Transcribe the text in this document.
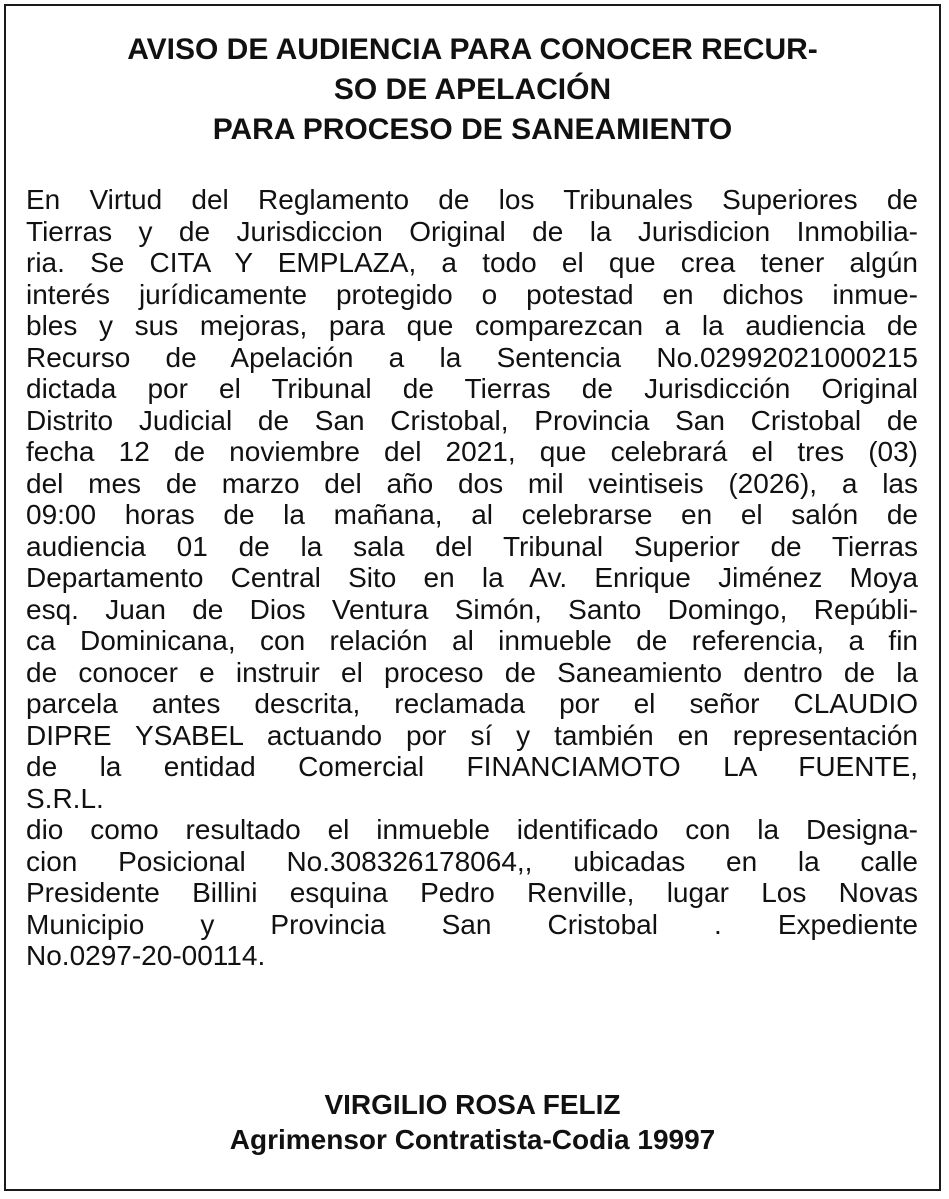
AVISO DE AUDIENCIA PARA CONOCER RECUR-
SO DE APELACIÓN
PARA PROCESO DE SANEAMIENTO
En Virtud del Reglamento de los Tribunales Superiores de
Tierras y de Jurisdiccion Original de la Jurisdicion Inmobilia-
ria. Se CITA Y EMPLAZA, a todo el que crea tener algún
interés jurídicamente protegido o potestad en dichos inmue-
bles y sus mejoras, para que comparezcan a la audiencia de
Recurso de Apelación a la Sentencia No.02992021000215
dictada por el Tribunal de Tierras de Jurisdicción Original
Distrito Judicial de San Cristobal, Provincia San Cristobal de
fecha 12 de noviembre del 2021, que celebrará el tres (03)
del mes de marzo del año dos mil veintiseis (2026), a las
09:00 horas de la mañana, al celebrarse en el salón de
audiencia 01 de la sala del Tribunal Superior de Tierras
Departamento Central Sito en la Av. Enrique Jiménez Moya
esq. Juan de Dios Ventura Simón, Santo Domingo, Repúbli-
ca Dominicana, con relación al inmueble de referencia, a fin
de conocer e instruir el proceso de Saneamiento dentro de la
parcela antes descrita, reclamada por el señor CLAUDIO
DIPRE YSABEL actuando por sí y también en representación
de la entidad Comercial FINANCIAMOTO LA FUENTE,
S.R.L.
dio como resultado el inmueble identificado con la Designa-
cion Posicional No.308326178064,, ubicadas en la calle
Presidente Billini esquina Pedro Renville, lugar Los Novas
Municipio y Provincia San Cristobal . Expediente
No.0297-20-00114.
VIRGILIO ROSA FELIZ
Agrimensor Contratista-Codia 19997
